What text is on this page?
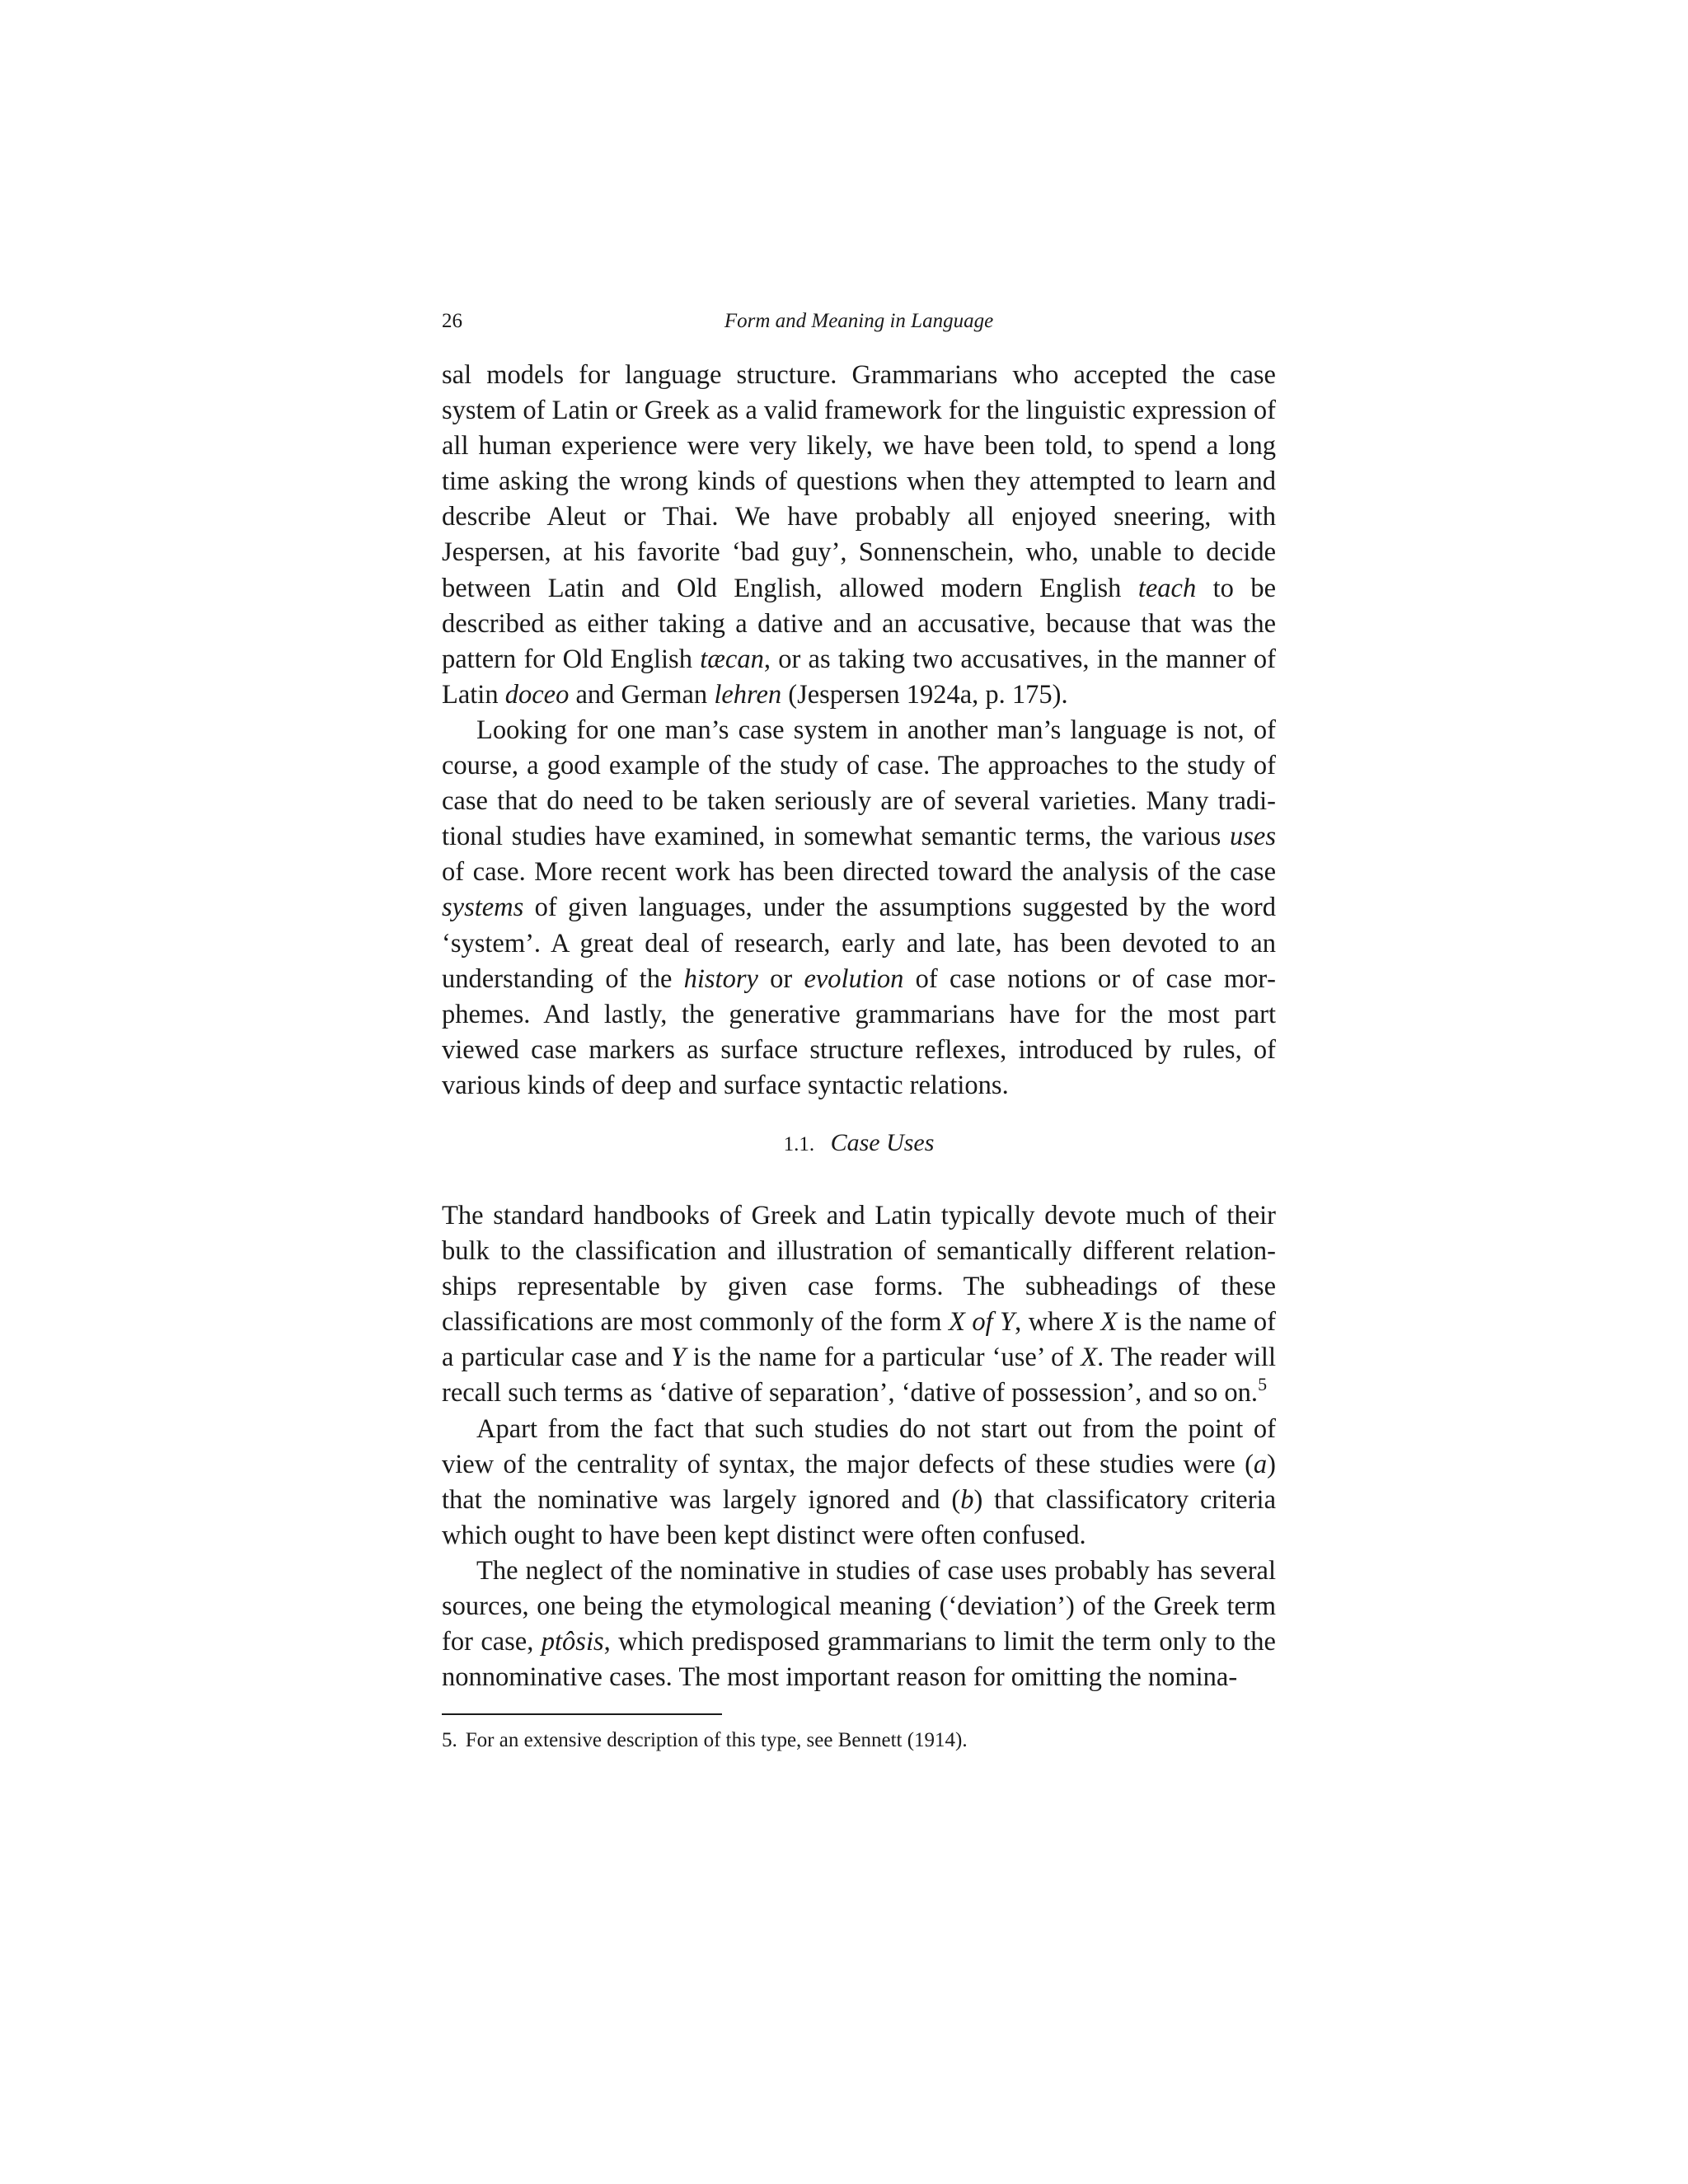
26	Form and Meaning in Language

sal models for language structure. Grammarians who accepted the case system of Latin or Greek as a valid framework for the linguistic expression of all human experience were very likely, we have been told, to spend a long time asking the wrong kinds of questions when they attempted to learn and describe Aleut or Thai. We have probably all enjoyed sneering, with Jespersen, at his favorite ‘bad guy’, Sonnenschein, who, unable to decide between Latin and Old English, allowed modern English teach to be described as either taking a dative and an accusative, because that was the pattern for Old English tæcan, or as taking two accusatives, in the manner of Latin doceo and German lehren (Jespersen 1924a, p. 175).

Looking for one man’s case system in another man’s language is not, of course, a good example of the study of case. The approaches to the study of case that do need to be taken seriously are of several varieties. Many traditional studies have examined, in somewhat semantic terms, the various uses of case. More recent work has been directed toward the analysis of the case systems of given languages, under the assumptions suggested by the word ‘system’. A great deal of research, early and late, has been devoted to an understanding of the history or evolution of case notions or of case morphemes. And lastly, the generative grammarians have for the most part viewed case markers as surface structure reflexes, introduced by rules, of various kinds of deep and surface syntactic relations.

1.1. Case Uses

The standard handbooks of Greek and Latin typically devote much of their bulk to the classification and illustration of semantically different relationships representable by given case forms. The subheadings of these classifications are most commonly of the form X of Y, where X is the name of a particular case and Y is the name for a particular ‘use’ of X. The reader will recall such terms as ‘dative of separation’, ‘dative of possession’, and so on.$^5$

Apart from the fact that such studies do not start out from the point of view of the centrality of syntax, the major defects of these studies were (a) that the nominative was largely ignored and (b) that classificatory criteria which ought to have been kept distinct were often confused.

The neglect of the nominative in studies of case uses probably has several sources, one being the etymological meaning (‘deviation’) of the Greek term for case, ptôsis, which predisposed grammarians to limit the term only to the nonnominative cases. The most important reason for omitting the nomina-

5. For an extensive description of this type, see Bennett (1914).
